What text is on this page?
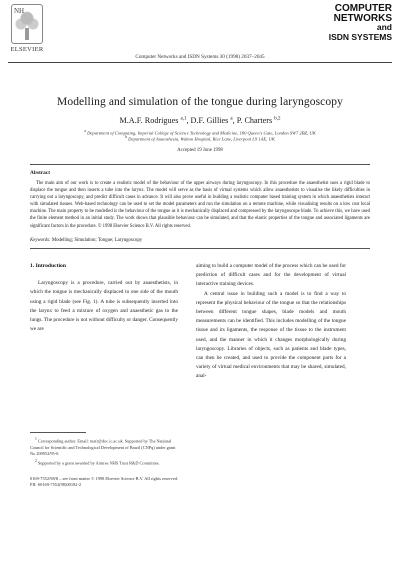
NH
ELSEVIER
Computer Networks and ISDN Systems 30 (1998) 2037–2045
COMPUTER
NETWORKS
and
ISDN SYSTEMS
Modelling and simulation of the tongue during laryngoscopy
M.A.F. Rodrigues $^{a,1}$, D.F. Gillies $^a$, P. Charters $^{b,2}$
$^a$ Department of Computing, Imperial College of Science Technology and Medicine, 180 Queen's Gate, London SW7 2BZ, UK
$^b$ Department of Anaesthesia, Walton Hospital, Rice Lane, Liverpool L9 1AE, UK
Accepted 19 June 1998
Abstract
The main aim of our work is to create a realistic model of the behaviour of the upper airways during laryngoscopy. In this procedure the anaesthetist uses a rigid blade to displace the tongue and then inserts a tube into the larynx. The model will serve as the basis of virtual systems which allow anaesthetists to visualise the likely difficulties in carrying out a laryngoscopy, and predict difficult cases in advance. It will also prove useful in building a realistic computer based training system in which anaesthetists interact with simulated tissues. Web-based technology can be used to set the model parameters and run the simulation on a remote machine, while visualising results on a low cost local machine. The main property to be modelled is the behaviour of the tongue as it is mechanically displaced and compressed by the laryngoscope blade. To achieve this, we have used the finite element method in an initial study. The work shows that plausible behaviour can be simulated, and that the elastic properties of the tongue and associated ligaments are significant factors in the procedure. © 1998 Elsevier Science B.V. All rights reserved.
Keywords: Modelling; Simulation; Tongue; Laryngoscopy
1. Introduction

Laryngoscopy is a procedure, carried out by anaesthetists, in which the tongue is mechanically displaced to one side of the mouth using a rigid blade (see Fig. 1). A tube is subsequently inserted into the larynx to feed a mixture of oxygen and anaesthetic gas to the lungs. The procedure is not without difficulty or danger. Consequently we are

aiming to build a computer model of the process which can be used for prediction of difficult cases and for the development of virtual interactive training devices.

A central issue in building such a model is to find a way to represent the physical behaviour of the tongue so that the relationships between different tongue shapes, blade models and mouth measurements can be identified. This includes modelling of the tongue tissue and its ligaments, the response of the tissue to the instrument used, and the manner in which it changes morphologically during laryngoscopy. Libraries of objects, such as patients and blade types, can then be created, and used to provide the component parts for a variety of virtual medical environments that may be shared, simulated, anal-

$^1$ Corresponding author. Email: mafr@doc.ic.ac.uk. Supported by The National Council for Scientific and Technological Development of Brazil (CNPq) under grant No 200952/95-0.

$^2$ Supported by a grant awarded by Aintree NHS Trust R&D Committee.

0169-7552/98/$ – see front matter © 1998 Elsevier Science B.V. All rights reserved.
PII: S0169-7552(98)00182-2
